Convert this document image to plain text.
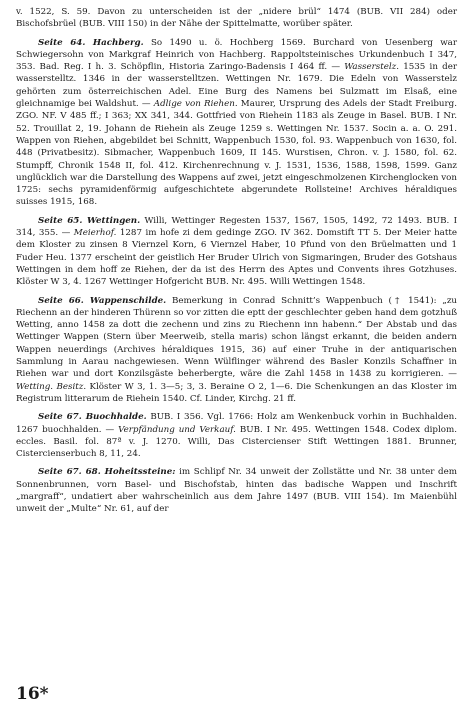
v. 1522, S. 59. Davon zu unterscheiden ist der „nidere brül“ 1474 (BUB. VII 284) oder Bischofsbrüel (BUB. VIII 150) in der Nähe der Spittelmatte, worüber später.

Seite 64. Hachberg. So 1490 u. ö. Hochberg 1569. Burchard von Uesenberg war Schwiegersohn von Markgraf Heinrich von Hachberg. Rappoltsteinisches Urkundenbuch I 347, 353. Bad. Reg. I h. 3. Schöpflin, Historia Zaringo-Badensis I 464 ff. — Wasserstelz. 1535 in der wasserstelltz. 1346 in der wasserstelltzen. Wettingen Nr. 1679. Die Edeln von Wasserstelz gehörten zum österreichischen Adel. Eine Burg des Namens bei Sulzmatt im Elsaß, eine gleichnamige bei Waldshut. — Adlige von Riehen. Maurer, Ursprung des Adels der Stadt Freiburg. ZGO. NF. V 485 ff.; I 363; XX 341, 344. Gottfried von Riehein 1183 als Zeuge in Basel. BUB. I Nr. 52. Trouillat 2, 19. Johann de Riehein als Zeuge 1259 s. Wettingen Nr. 1537. Socin a. a. O. 291. Wappen von Riehen, abgebildet bei Schnitt, Wappenbuch 1530, fol. 93. Wappenbuch von 1630, fol. 448 (Privatbesitz). Sibmacher, Wappenbuch 1609, II 145. Wurstisen, Chron. v. J. 1580, fol. 62. Stumpff, Chronik 1548 II, fol. 412. Kirchenrechnung v. J. 1531, 1536, 1588, 1598, 1599. Ganz unglücklich war die Darstellung des Wappens auf zwei, jetzt eingeschmolzenen Kirchenglocken von 1725: sechs pyramidenförmig aufgeschichtete abgerundete Rollsteine! Archives héraldiques suisses 1915, 168.

Seite 65. Wettingen. Willi, Wettinger Regesten 1537, 1567, 1505, 1492, 72 1493. BUB. I 314, 355. — Meierhof. 1287 im hofe zi dem gedinge ZGO. IV 362. Domstift TT 5. Der Meier hatte dem Kloster zu zinsen 8 Viernzel Korn, 6 Viernzel Haber, 10 Pfund von den Brüelmatten und 1 Fuder Heu. 1377 erscheint der geistlich Her Bruder Ulrich von Sigmaringen, Bruder des Gotshaus Wettingen in dem hoff ze Riehen, der da ist des Herrn des Aptes und Convents ihres Gotzhuses. Klöster W 3, 4. 1267 Wettinger Hofgericht BUB. Nr. 495. Willi Wettingen 1548.

Seite 66. Wappenschilde. Bemerkung in Conrad Schnitt’s Wappenbuch († 1541): „zu Riechenn an der hinderen Thürenn so vor zitten die eptt der geschlechter geben hand dem gotzhuß Wetting, anno 1458 za dott die zechenn und zins zu Riechenn inn habenn.“ Der Abstab und das Wettinger Wappen (Stern über Meerweib, stella maris) schon längst erkannt, die beiden andern Wappen neuerdings (Archives héraldiques 1915, 36) auf einer Truhe in der antiquarischen Sammlung in Aarau nachgewiesen. Wenn Wülflinger während des Basler Konzils Schaffner in Riehen war und dort Konzilsgäste beherbergte, wäre die Zahl 1458 in 1438 zu korrigieren. — Wetting. Besitz. Klöster W 3, 1. 3—5; 3, 3. Beraine O 2, 1—6. Die Schenkungen an das Kloster im Registrum litterarum de Riehein 1540. Cf. Linder, Kirchg. 21 ff.

Seite 67. Buochhalde. BUB. I 356. Vgl. 1766: Holz am Wenkenbuck vorhin in Buchhalden. 1267 buochhalden. — Verpfändung und Verkauf. BUB. I Nr. 495. Wettingen 1548. Codex diplom. eccles. Basil. fol. 87ª v. J. 1270. Willi, Das Cistercienser Stift Wettingen 1881. Brunner, Cistercienserbuch 8, 11, 24.

Seite 67. 68. Hoheitssteine: im Schlipf Nr. 34 unweit der Zollstätte und Nr. 38 unter dem Sonnenbrunnen, vorn Basel- und Bischofstab, hinten das badische Wappen und Inschrift „margraff“, undatiert aber wahrscheinlich aus dem Jahre 1497 (BUB. VIII 154). Im Maienbühl unweit der „Multe“ Nr. 61, auf der

16*
